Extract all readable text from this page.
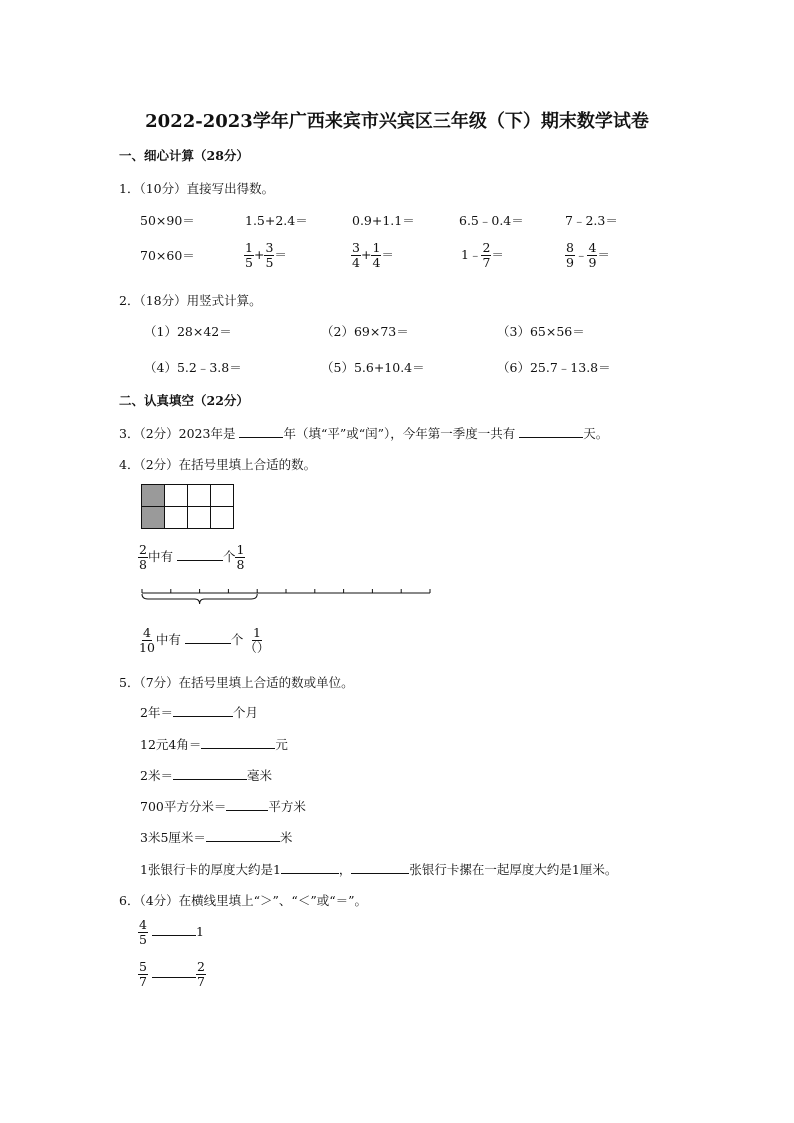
2022-2023学年广西来宾市兴宾区三年级（下）期末数学试卷
一、细心计算（28分）
1．（10分）直接写出得数。
50×90＝	1.5+2.4＝	0.9+1.1＝	6.5﹣0.4＝	7﹣2.3＝
70×60＝	$\frac{1}{5} + \frac{3}{5}$ ＝	$\frac{3}{4} + \frac{1}{4}$ ＝	1﹣ $\frac{2}{7}$ ＝	$\frac{8}{9}$ ﹣ $\frac{4}{9}$ ＝
2．（18分）用竖式计算。
（1）28×42＝	（2）69×73＝	（3）65×56＝
（4）5.2﹣3.8＝	（5）5.6+10.4＝	（6）25.7﹣13.8＝
二、认真填空（22分）
3．（2分）2023年是	年（填“平”或“闰”），今年第一季度一共有	天。
4．（2分）在括号里填上合适的数。

$\frac{2}{8}$ 中有	个 $\frac{1}{8}$
$\frac{4}{10}$ 中有	个 $\frac{1}{()}$
5．（7分）在括号里填上合适的数或单位。
2年＝	个月
12元4角＝	元
2米＝	毫米
700平方分米＝	平方米
3米5厘米＝	米
1张银行卡的厚度大约是1	，	张银行卡摞在一起厚度大约是1厘米。
6．（4分）在横线里填上“＞”、“＜”或“＝”。
$\frac{4}{5}$	1
$\frac{5}{7}$
	$\frac{2}{7}$
